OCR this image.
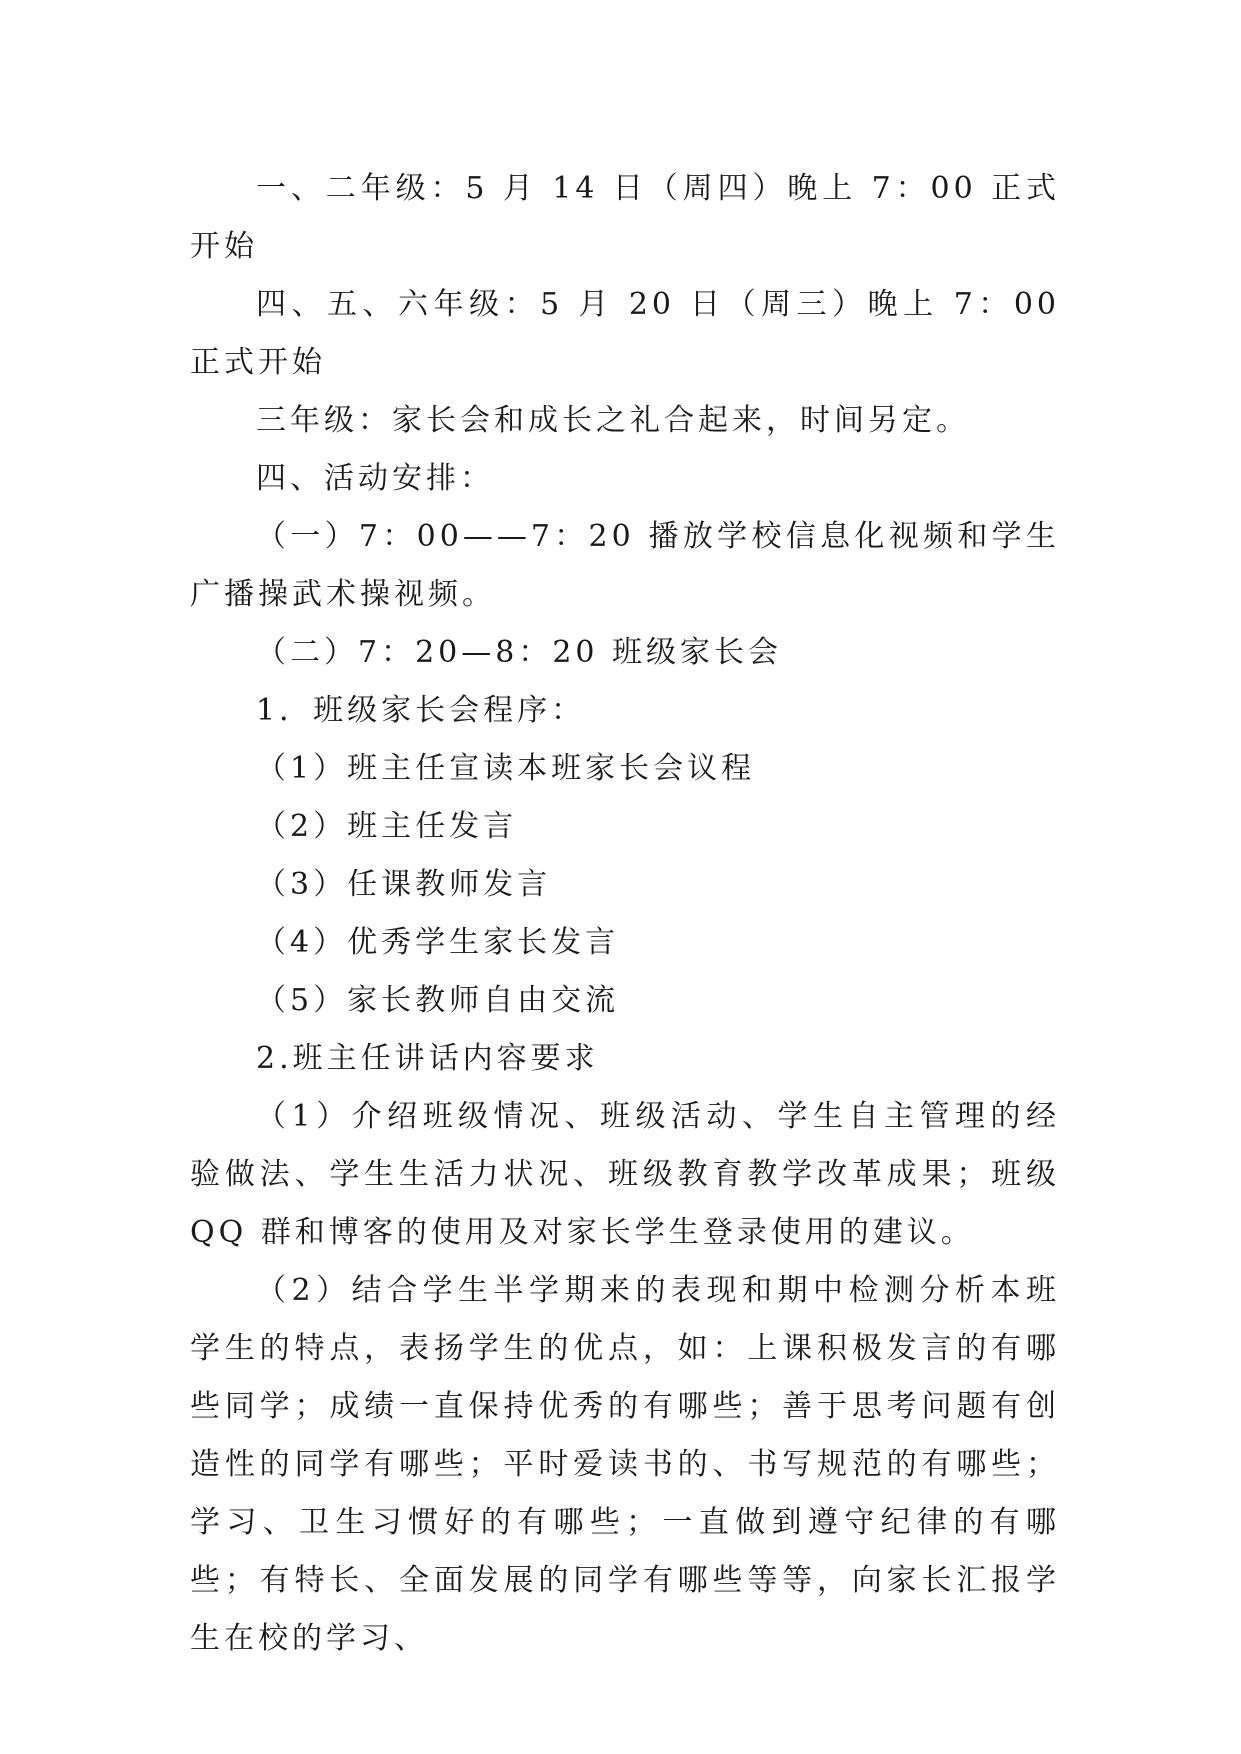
一、二年级：5 月 14 日（周四）晚上 7：00 正式开始

四、五、六年级：5 月 20 日（周三）晚上 7：00 正式开始

三年级：家长会和成长之礼合起来，时间另定。

四、活动安排：

（一）7：00——7：20 播放学校信息化视频和学生广播操武术操视频。

（二）7：20—8：20 班级家长会

1．班级家长会程序：

（1）班主任宣读本班家长会议程

（2）班主任发言

（3）任课教师发言

（4）优秀学生家长发言

（5）家长教师自由交流

2.班主任讲话内容要求

（1）介绍班级情况、班级活动、学生自主管理的经验做法、学生生活力状况、班级教育教学改革成果；班级 QQ 群和博客的使用及对家长学生登录使用的建议。

（2）结合学生半学期来的表现和期中检测分析本班学生的特点，表扬学生的优点，如：上课积极发言的有哪些同学；成绩一直保持优秀的有哪些；善于思考问题有创造性的同学有哪些；平时爱读书的、书写规范的有哪些；学习、卫生习惯好的有哪些；一直做到遵守纪律的有哪些；有特长、全面发展的同学有哪些等等，向家长汇报学生在校的学习、
